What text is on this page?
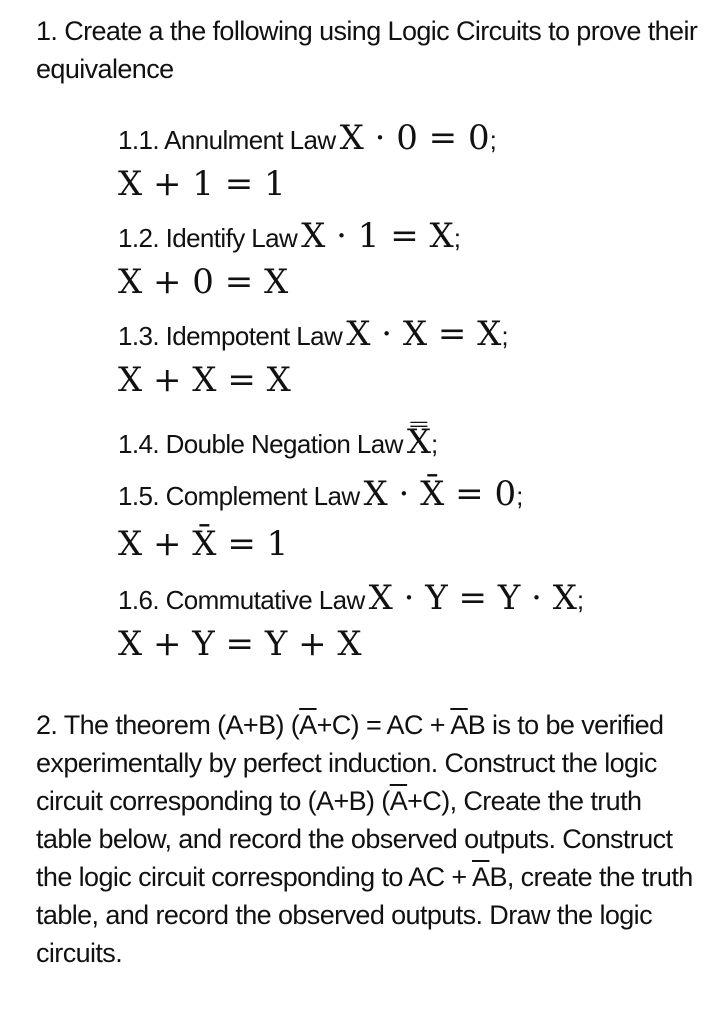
1. Create a the following using Logic Circuits to prove their equivalence
1.1. Annulment Law X · 0 = 0;
X + 1 = 1
1.2. Identify Law X · 1 = X;
X + 0 = X
1.3. Idempotent Law X · X = X;
X + X = X
1.4. Double Negation Law X̿;
1.5. Complement Law X · X̄ = 0;
X + X̄ = 1
1.6. Commutative Law X · Y = Y · X;
X + Y = Y + X
2. The theorem (A+B) $(\overline{A}+C)$ = AC + $\overline{A}B$ is to be verified experimentally by perfect induction. Construct the logic circuit corresponding to (A+B) $(\overline{A}+C)$, Create the truth table below, and record the observed outputs. Construct the logic circuit corresponding to AC + $\overline{A}B$, create the truth table, and record the observed outputs. Draw the logic circuits.
